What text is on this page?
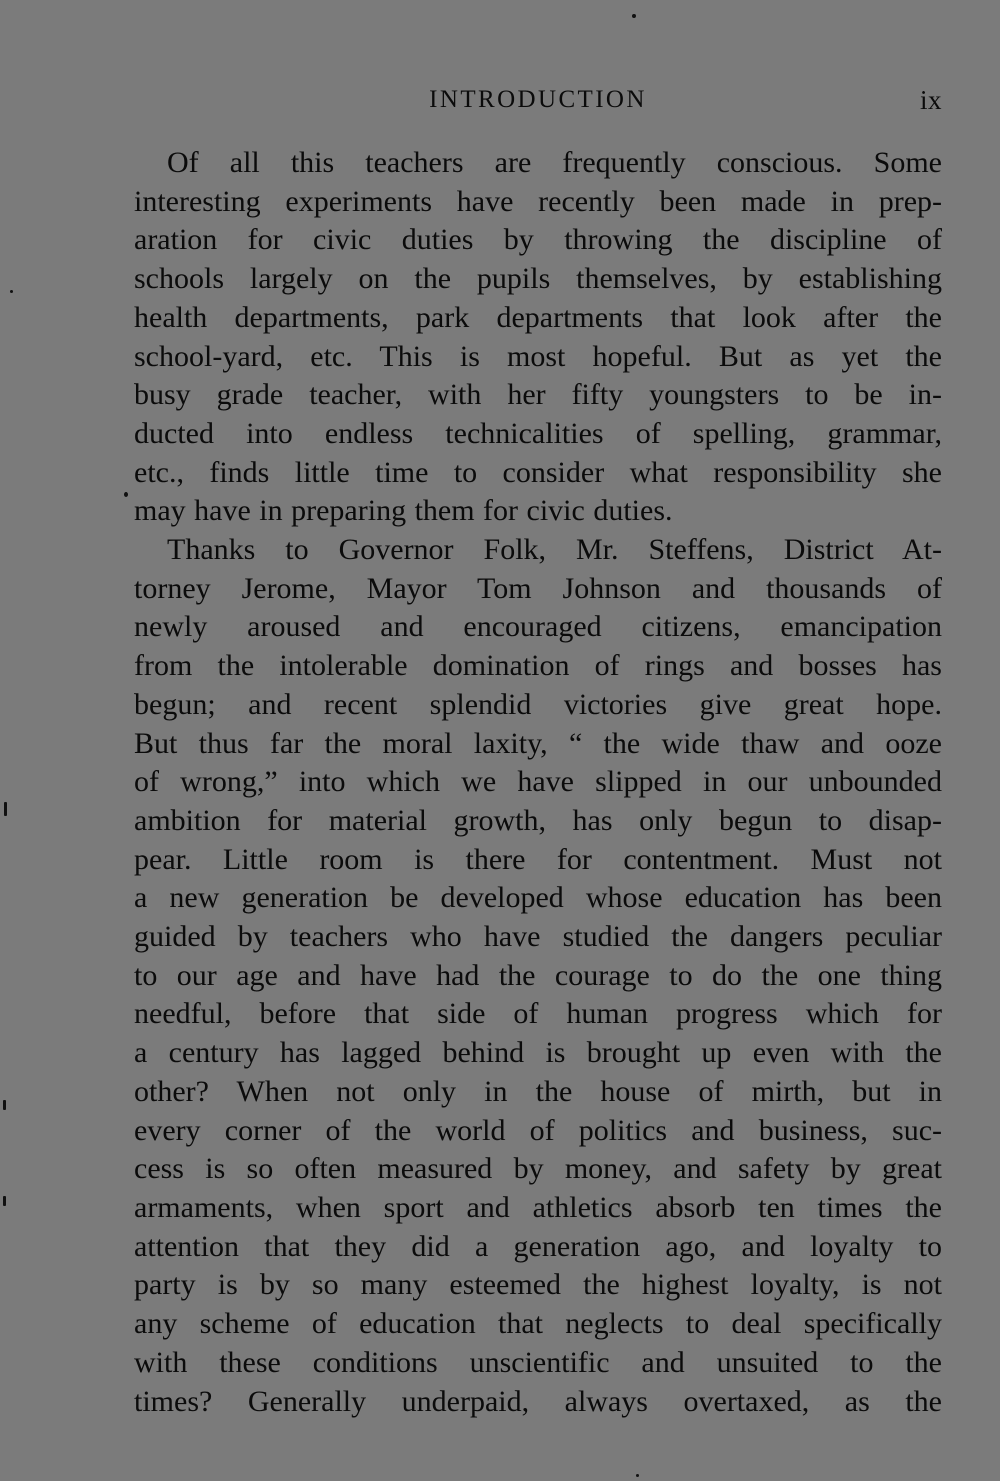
INTRODUCTION	ix

Of all this teachers are frequently conscious. Some
interesting experiments have recently been made in prep-
aration for civic duties by throwing the discipline of
schools largely on the pupils themselves, by establishing
health departments, park departments that look after the
school-yard, etc. This is most hopeful. But as yet the
busy grade teacher, with her fifty youngsters to be in-
ducted into endless technicalities of spelling, grammar,
etc., finds little time to consider what responsibility she
may have in preparing them for civic duties.

Thanks to Governor Folk, Mr. Steffens, District At-
torney Jerome, Mayor Tom Johnson and thousands of
newly aroused and encouraged citizens, emancipation
from the intolerable domination of rings and bosses has
begun; and recent splendid victories give great hope.
But thus far the moral laxity, “ the wide thaw and ooze
of wrong,” into which we have slipped in our unbounded
ambition for material growth, has only begun to disap-
pear. Little room is there for contentment. Must not
a new generation be developed whose education has been
guided by teachers who have studied the dangers peculiar
to our age and have had the courage to do the one thing
needful, before that side of human progress which for
a century has lagged behind is brought up even with the
other? When not only in the house of mirth, but in
every corner of the world of politics and business, suc-
cess is so often measured by money, and safety by great
armaments, when sport and athletics absorb ten times the
attention that they did a generation ago, and loyalty to
party is by so many esteemed the highest loyalty, is not
any scheme of education that neglects to deal specifically
with these conditions unscientific and unsuited to the
times? Generally underpaid, always overtaxed, as the
